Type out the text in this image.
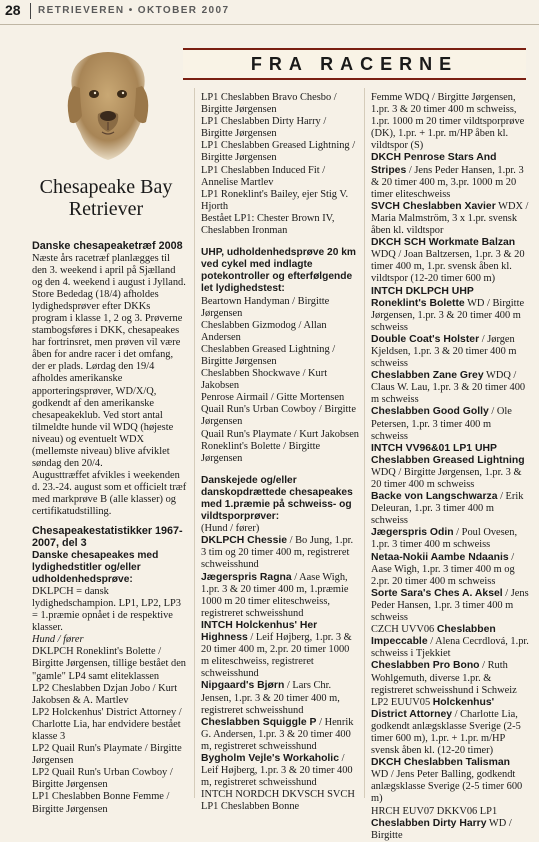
28 RETRIEVEREN • OKTOBER 2007
FRA RACERNE
Chesapeake Bay
Retriever

Danske chesapeaketræf 2008

Næste års racetræf planlægges til den 3. weekend i april på Sjælland og den 4. weekend i august i Jylland. Store Bededag (18/4) afholdes lydighedsprøver efter DKKs program i klasse 1, 2 og 3. Prøverne stambogsføres i DKK, chesapeakes har fortrinsret, men prøven vil være åben for andre racer i det omfang, der er plads. Lørdag den 19/4 afholdes amerikanske apporteringsprøver, WD/X/Q, godkendt af den amerikanske chesapeakeklub. Ved stort antal tilmeldte hunde vil WDQ (højeste niveau) og eventuelt WDX (mellemste niveau) blive afviklet søndag den 20/4.

Augusttræffet afvikles i weekenden d. 23.-24. august som et officielt træf med markprøve B (alle klasser) og certifikatudstilling.

Chesapeakestatistikker 1967-2007, del 3

Danske chesapeakes med lydighedstitler og/eller udholdenhedsprøve:

DKLPCH = dansk lydighedschampion. LP1, LP2, LP3 = 1.præmie opnået i de respektive klasser.

Hund / fører

DKLPCH Roneklint's Bolette / Birgitte Jørgensen, tillige bestået den "gamle" LP4 samt eliteklassen

LP2 Cheslabben Dzjan Jobo / Kurt Jakobsen & A. Martlev

LP2 Holckenhus' District Attorney / Charlotte Lia, har endvidere bestået klasse 3

LP2 Quail Run's Playmate / Birgitte Jørgensen

LP2 Quail Run's Urban Cowboy / Birgitte Jørgensen

LP1 Cheslabben Bonne Femme / Birgitte Jørgensen

LP1 Cheslabben Bravo Chesbo / Birgitte Jørgensen

LP1 Cheslabben Dirty Harry / Birgitte Jørgensen

LP1 Cheslabben Greased Lightning / Birgitte Jørgensen

LP1 Cheslabben Induced Fit / Annelise Martlev

LP1 Roneklint's Bailey, ejer Stig V. Hjorth

Bestået LP1: Chester Brown IV, Cheslabben Ironman

UHP, udholdenhedsprøve 20 km ved cykel med indlagte potekontroller og efterfølgende let lydighedstest:

Beartown Handyman / Birgitte Jørgensen

Cheslabben Gizmodog / Allan Andersen

Cheslabben Greased Lightning / Birgitte Jørgensen

Cheslabben Shockwave / Kurt Jakobsen

Penrose Airmail / Gitte Mortensen

Quail Run's Urban Cowboy / Birgitte Jørgensen

Quail Run's Playmate / Kurt Jakobsen

Roneklint's Bolette / Birgitte Jørgensen

Danskejede og/eller danskopdrættede chesapeakes med 1.præmie på schweiss- og vildtsporprøver:

(Hund / fører)

DKLPCH Chessie / Bo Jung, 1.pr. 3 tim og 20 timer 400 m, registreret schweisshund

Jægerspris Ragna / Aase Wigh, 1.pr. 3 & 20 timer 400 m, 1.præmie 1000 m 20 timer eliteschweiss, registreret schweisshund

INTCH Holckenhus' Her Highness / Leif Højberg, 1.pr. 3 & 20 timer 400 m, 2.pr. 20 timer 1000 m eliteschweiss, registreret schweisshund

Nipgaard's Bjørn / Lars Chr. Jensen, 1.pr. 3 & 20 timer 400 m, registreret schweisshund

Cheslabben Squiggle P / Henrik G. Andersen, 1.pr. 3 & 20 timer 400 m, registreret schweisshund

Bygholm Vejle's Workaholic / Leif Højberg, 1.pr. 3 & 20 timer 400 m, registreret schweisshund

INTCH NORDCH DKVSCH SVCH LP1 Cheslabben Bonne

Femme WDQ / Birgitte Jørgensen, 1.pr. 3 & 20 timer 400 m schweiss, 1.pr. 1000 m 20 timer vildtsporprøve (DK), 1.pr. + 1.pr. m/HP åben kl. vildtspor (S)

DKCH Penrose Stars And Stripes / Jens Peder Hansen, 1.pr. 3 & 20 timer 400 m, 3.pr. 1000 m 20 timer eliteschweiss

SVCH Cheslabben Xavier WDX / Maria Malmström, 3 x 1.pr. svensk åben kl. vildtspor

DKCH SCH Workmate Balzan WDQ / Joan Baltzersen, 1.pr. 3 & 20 timer 400 m, 1.pr. svensk åben kl. vildtspor (12-20 timer 600 m)

INTCH DKLPCH UHP Roneklint's Bolette WD / Birgitte Jørgensen, 1.pr. 3 & 20 timer 400 m schweiss

Double Coat's Holster / Jørgen Kjeldsen, 1.pr. 3 & 20 timer 400 m schweiss

Cheslabben Zane Grey WDQ / Claus W. Lau, 1.pr. 3 & 20 timer 400 m schweiss

Cheslabben Good Golly / Ole Petersen, 1.pr. 3 timer 400 m schweiss

INTCH VV96&01 LP1 UHP Cheslabben Greased Lightning WDQ / Birgitte Jørgensen, 1.pr. 3 & 20 timer 400 m schweiss

Backe von Langschwarza / Erik Deleuran, 1.pr. 3 timer 400 m schweiss

Jægerspris Odin / Poul Ovesen, 1.pr. 3 timer 400 m schweiss

Netaa-Nokii Aambe Ndaanis / Aase Wigh, 1.pr. 3 timer 400 m og 2.pr. 20 timer 400 m schweiss

Sorte Sara's Ches A. Aksel / Jens Peder Hansen, 1.pr. 3 timer 400 m schweiss

CZCH UVV06 Cheslabben Impeccable / Alena Cecrdlová, 1.pr. schweiss i Tjekkiet

Cheslabben Pro Bono / Ruth Wohlgemuth, diverse 1.pr. & registreret schweisshund i Schweiz

LP2 EUUV05 Holckenhus' District Attorney / Charlotte Lia, godkendt anlægsklasse Sverige (2-5 timer 600 m), 1.pr. + 1.pr. m/HP svensk åben kl. (12-20 timer)

DKCH Cheslabben Talisman WD / Jens Peter Balling, godkendt anlægsklasse Sverige (2-5 timer 600 m)

HRCH EUV07 DKKV06 LP1 Cheslabben Dirty Harry WD / Birgitte
